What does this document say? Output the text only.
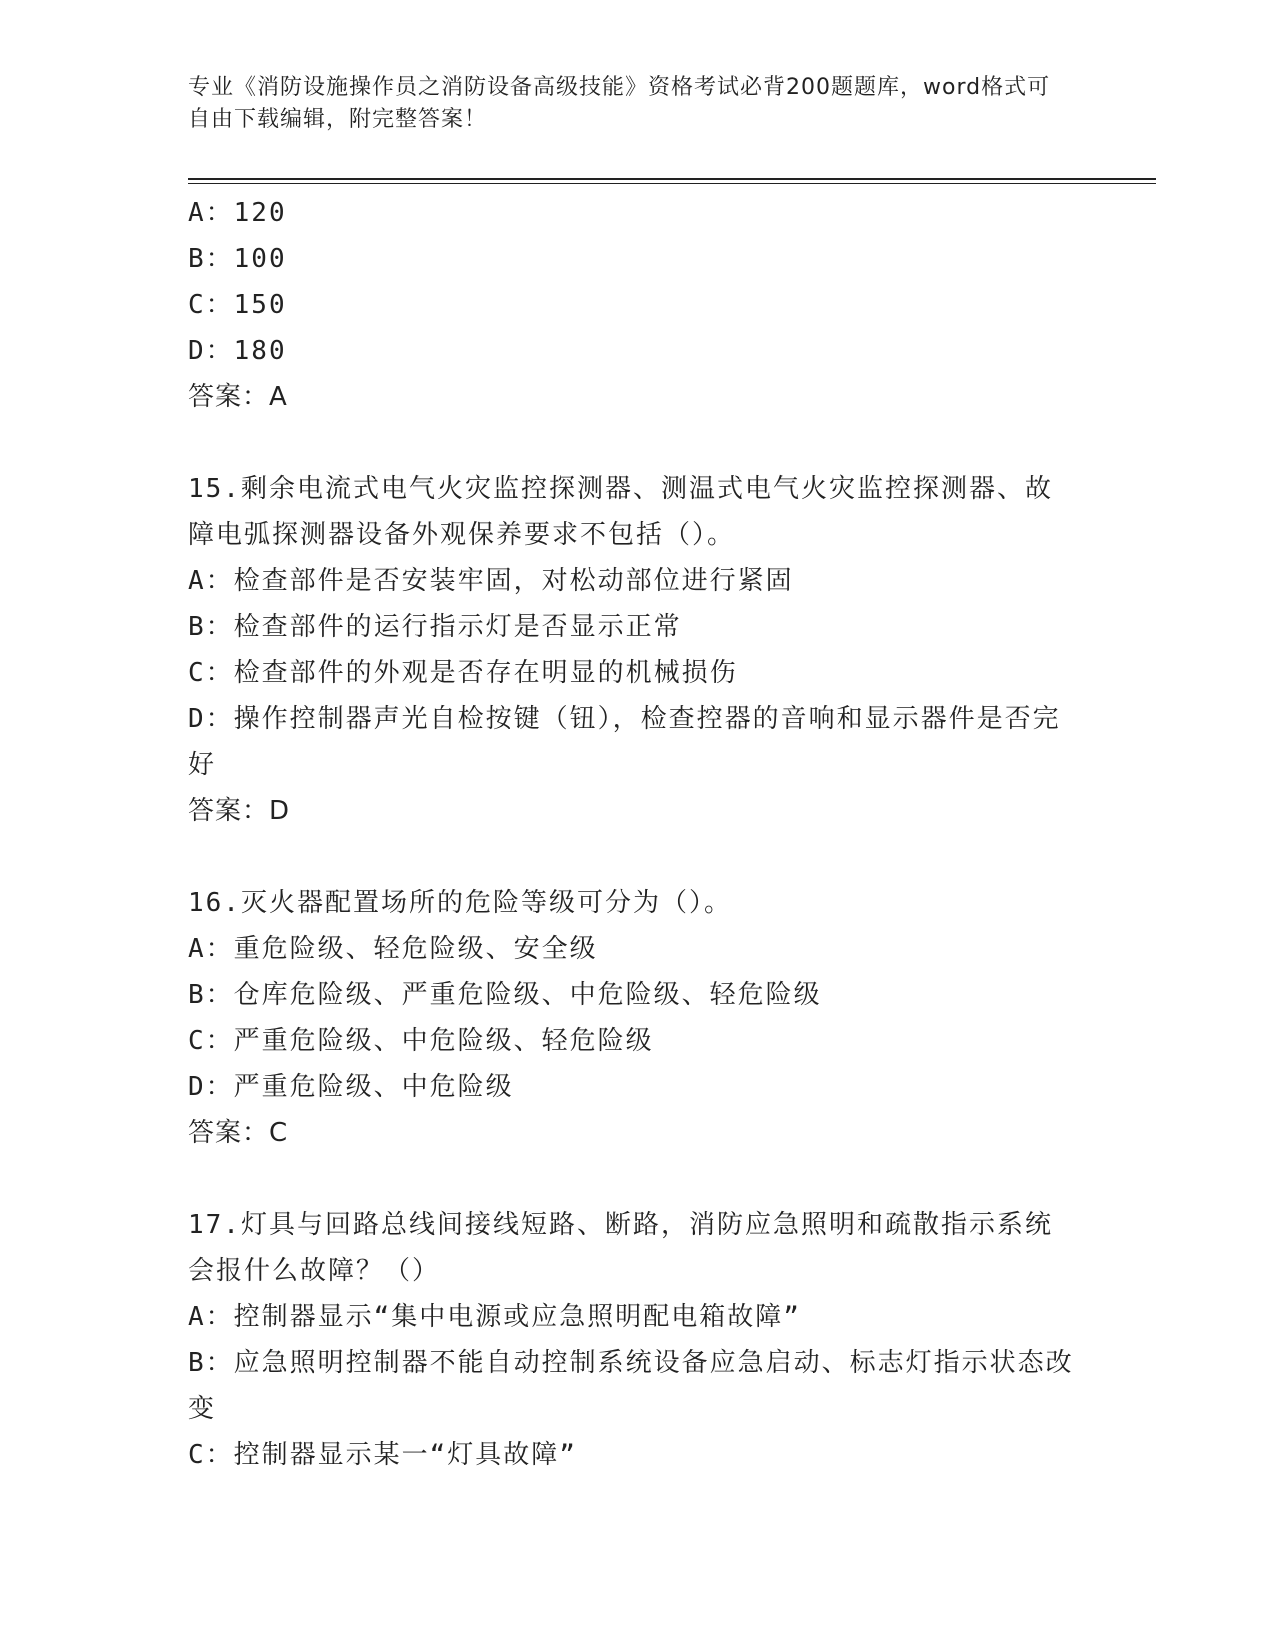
专业《消防设施操作员之消防设备高级技能》资格考试必背200题题库，word格式可自由下载编辑，附完整答案！

A：120

B：100

C：150

D：180

答案：A

15.剩余电流式电气火灾监控探测器、测温式电气火灾监控探测器、故障电弧探测器设备外观保养要求不包括（）。

A：检查部件是否安装牢固，对松动部位进行紧固

B：检查部件的运行指示灯是否显示正常

C：检查部件的外观是否存在明显的机械损伤

D：操作控制器声光自检按键（钮），检查控器的音响和显示器件是否完好

答案：D

16.灭火器配置场所的危险等级可分为（）。

A：重危险级、轻危险级、安全级

B：仓库危险级、严重危险级、中危险级、轻危险级

C：严重危险级、中危险级、轻危险级

D：严重危险级、中危险级

答案：C

17.灯具与回路总线间接线短路、断路，消防应急照明和疏散指示系统会报什么故障？（）

A：控制器显示“集中电源或应急照明配电箱故障”

B：应急照明控制器不能自动控制系统设备应急启动、标志灯指示状态改变

C：控制器显示某一“灯具故障”
